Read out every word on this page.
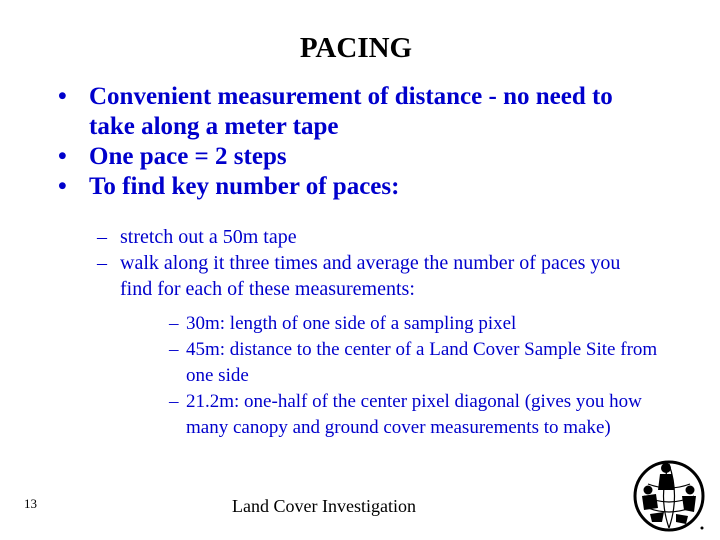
PACING

• Convenient measurement of distance - no need to take along a meter tape

• One pace = 2 steps

• To find key number of paces:

– stretch out a 50m tape

– walk along it three times and average the number of paces you find for each of these measurements:

– 30m: length of one side of a sampling pixel

– 45m: distance to the center of a Land Cover Sample Site from one side

– 21.2m: one-half of the center pixel diagonal (gives you how many canopy and ground cover measurements to make)

13	Land Cover Investigation
